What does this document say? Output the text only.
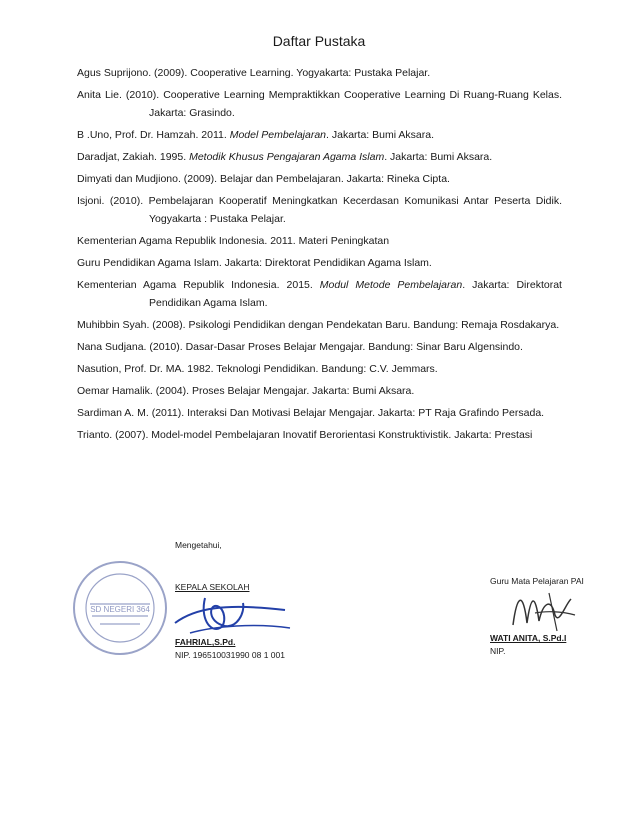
Daftar Pustaka
Agus Suprijono. (2009). Cooperative Learning. Yogyakarta: Pustaka Pelajar.
Anita Lie. (2010). Cooperative Learning Mempraktikkan Cooperative Learning Di Ruang-Ruang Kelas.
Jakarta: Grasindo.
B .Uno, Prof. Dr. Hamzah. 2011. Model Pembelajaran. Jakarta: Bumi Aksara.
Daradjat, Zakiah. 1995. Metodik Khusus Pengajaran Agama Islam. Jakarta: Bumi Aksara.
Dimyati dan Mudjiono. (2009). Belajar dan Pembelajaran. Jakarta: Rineka Cipta.
Isjoni. (2010). Pembelajaran Kooperatif Meningkatkan Kecerdasan Komunikasi Antar Peserta Didik.
Yogyakarta : Pustaka Pelajar.
Kementerian Agama Republik Indonesia. 2011. Materi Peningkatan
Guru Pendidikan Agama Islam. Jakarta: Direktorat Pendidikan Agama Islam.
Kementerian Agama Republik Indonesia. 2015. Modul Metode Pembelajaran. Jakarta: Direktorat
Pendidikan Agama Islam.
Muhibbin Syah. (2008). Psikologi Pendidikan dengan Pendekatan Baru. Bandung: Remaja Rosdakarya.
Nana Sudjana. (2010). Dasar-Dasar Proses Belajar Mengajar. Bandung: Sinar Baru Algensindo.
Nasution, Prof. Dr. MA. 1982. Teknologi Pendidikan. Bandung: C.V. Jemmars.
Oemar Hamalik. (2004). Proses Belajar Mengajar. Jakarta: Bumi Aksara.
Sardiman A. M. (2011). Interaksi Dan Motivasi Belajar Mengajar. Jakarta: PT Raja Grafindo Persada.
Trianto. (2007). Model-model Pembelajaran Inovatif Berorientasi Konstruktivistik. Jakarta: Prestasi
SD NEGERI 364
Mengetahui,
KEPALA SEKOLAH
FAHRIAL,S.Pd.
NIP. 196510031990 08 1 001
Guru Mata Pelajaran PAI
WATI ANITA, S.Pd.I
NIP.
